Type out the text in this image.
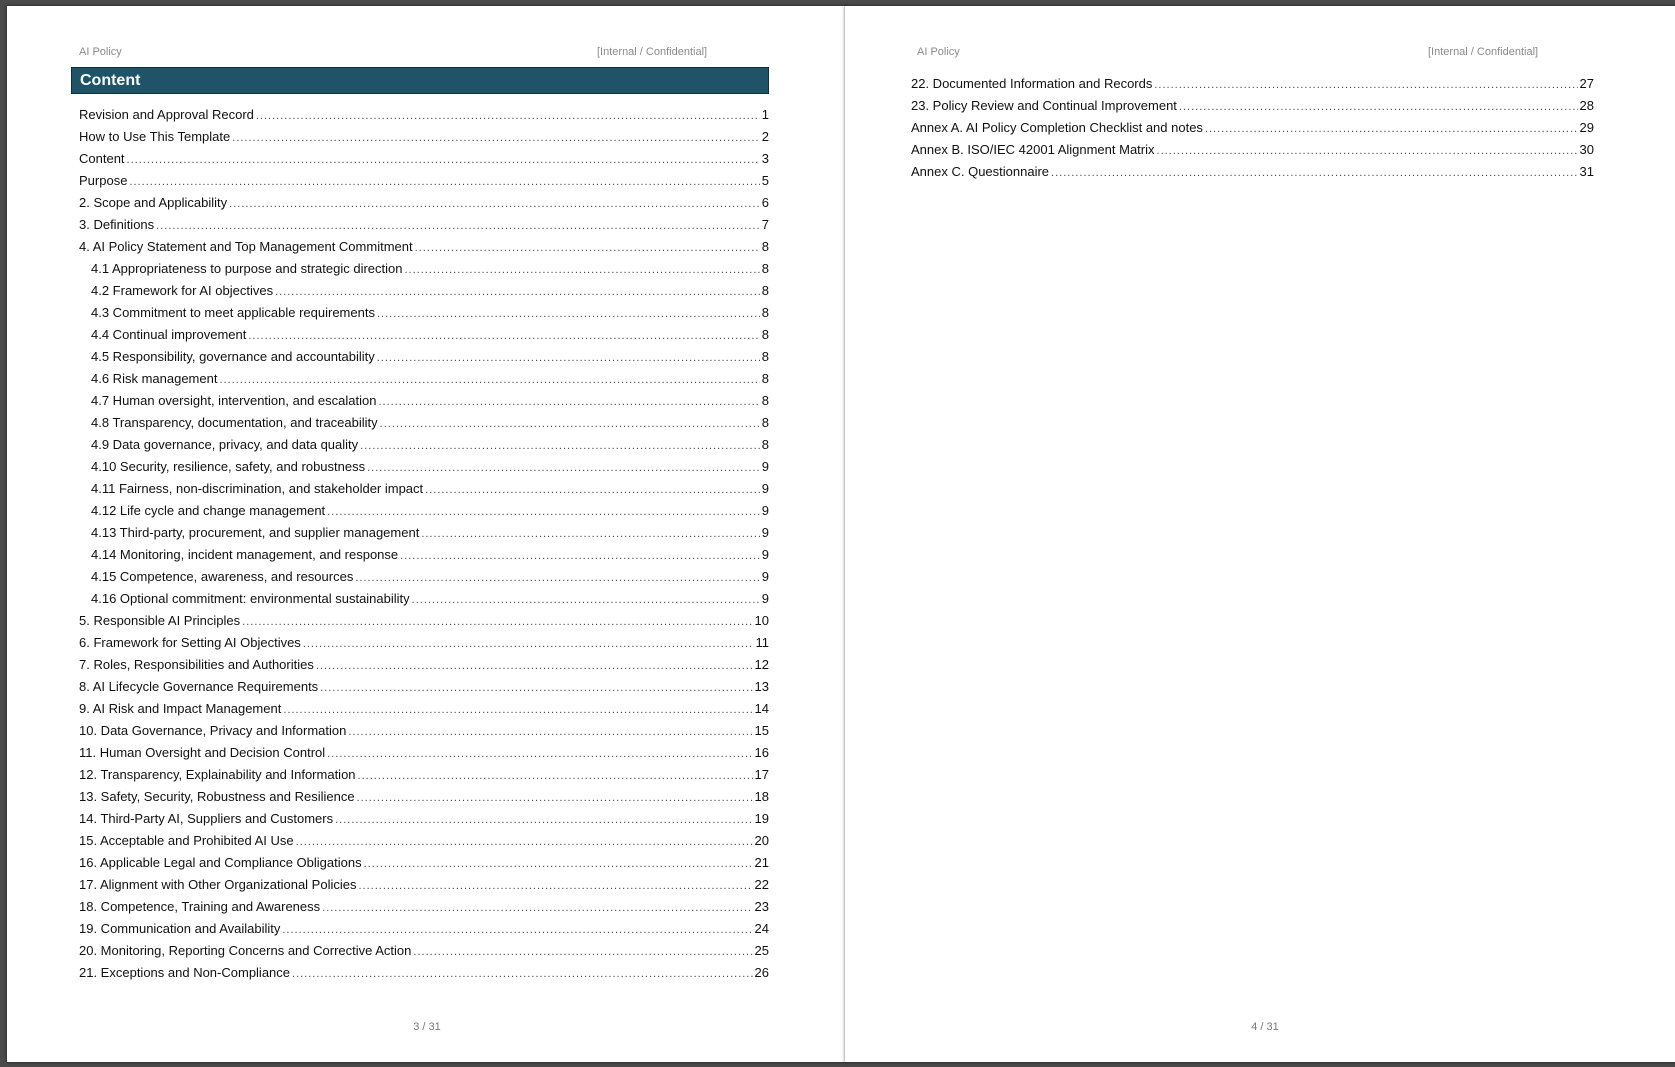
AI Policy	[Internal / Confidential]
Content
Revision and Approval Record .....	1
How to Use This Template .....	2
Content .....	3
Purpose .....	5
2. Scope and Applicability .....	6
3. Definitions .....	7
4. AI Policy Statement and Top Management Commitment .....	8
4.1 Appropriateness to purpose and strategic direction .....	8
4.2 Framework for AI objectives .....	8
4.3 Commitment to meet applicable requirements .....	8
4.4 Continual improvement .....	8
4.5 Responsibility, governance and accountability .....	8
4.6 Risk management .....	8
4.7 Human oversight, intervention, and escalation .....	8
4.8 Transparency, documentation, and traceability .....	8
4.9 Data governance, privacy, and data quality .....	8
4.10 Security, resilience, safety, and robustness .....	9
4.11 Fairness, non-discrimination, and stakeholder impact .....	9
4.12 Life cycle and change management .....	9
4.13 Third-party, procurement, and supplier management .....	9
4.14 Monitoring, incident management, and response .....	9
4.15 Competence, awareness, and resources .....	9
4.16 Optional commitment: environmental sustainability .....	9
5. Responsible AI Principles .....	10
6. Framework for Setting AI Objectives .....	11
7. Roles, Responsibilities and Authorities .....	12
8. AI Lifecycle Governance Requirements .....	13
9. AI Risk and Impact Management .....	14
10. Data Governance, Privacy and Information .....	15
11. Human Oversight and Decision Control .....	16
12. Transparency, Explainability and Information .....	17
13. Safety, Security, Robustness and Resilience .....	18
14. Third-Party AI, Suppliers and Customers .....	19
15. Acceptable and Prohibited AI Use .....	20
16. Applicable Legal and Compliance Obligations .....	21
17. Alignment with Other Organizational Policies .....	22
18. Competence, Training and Awareness .....	23
19. Communication and Availability .....	24
20. Monitoring, Reporting Concerns and Corrective Action .....	25
21. Exceptions and Non-Compliance .....	26
3 / 31
AI Policy	[Internal / Confidential]
22. Documented Information and Records .....	27
23. Policy Review and Continual Improvement .....	28
Annex A. AI Policy Completion Checklist and notes .....	29
Annex B. ISO/IEC 42001 Alignment Matrix .....	30
Annex C. Questionnaire .....	31
4 / 31
